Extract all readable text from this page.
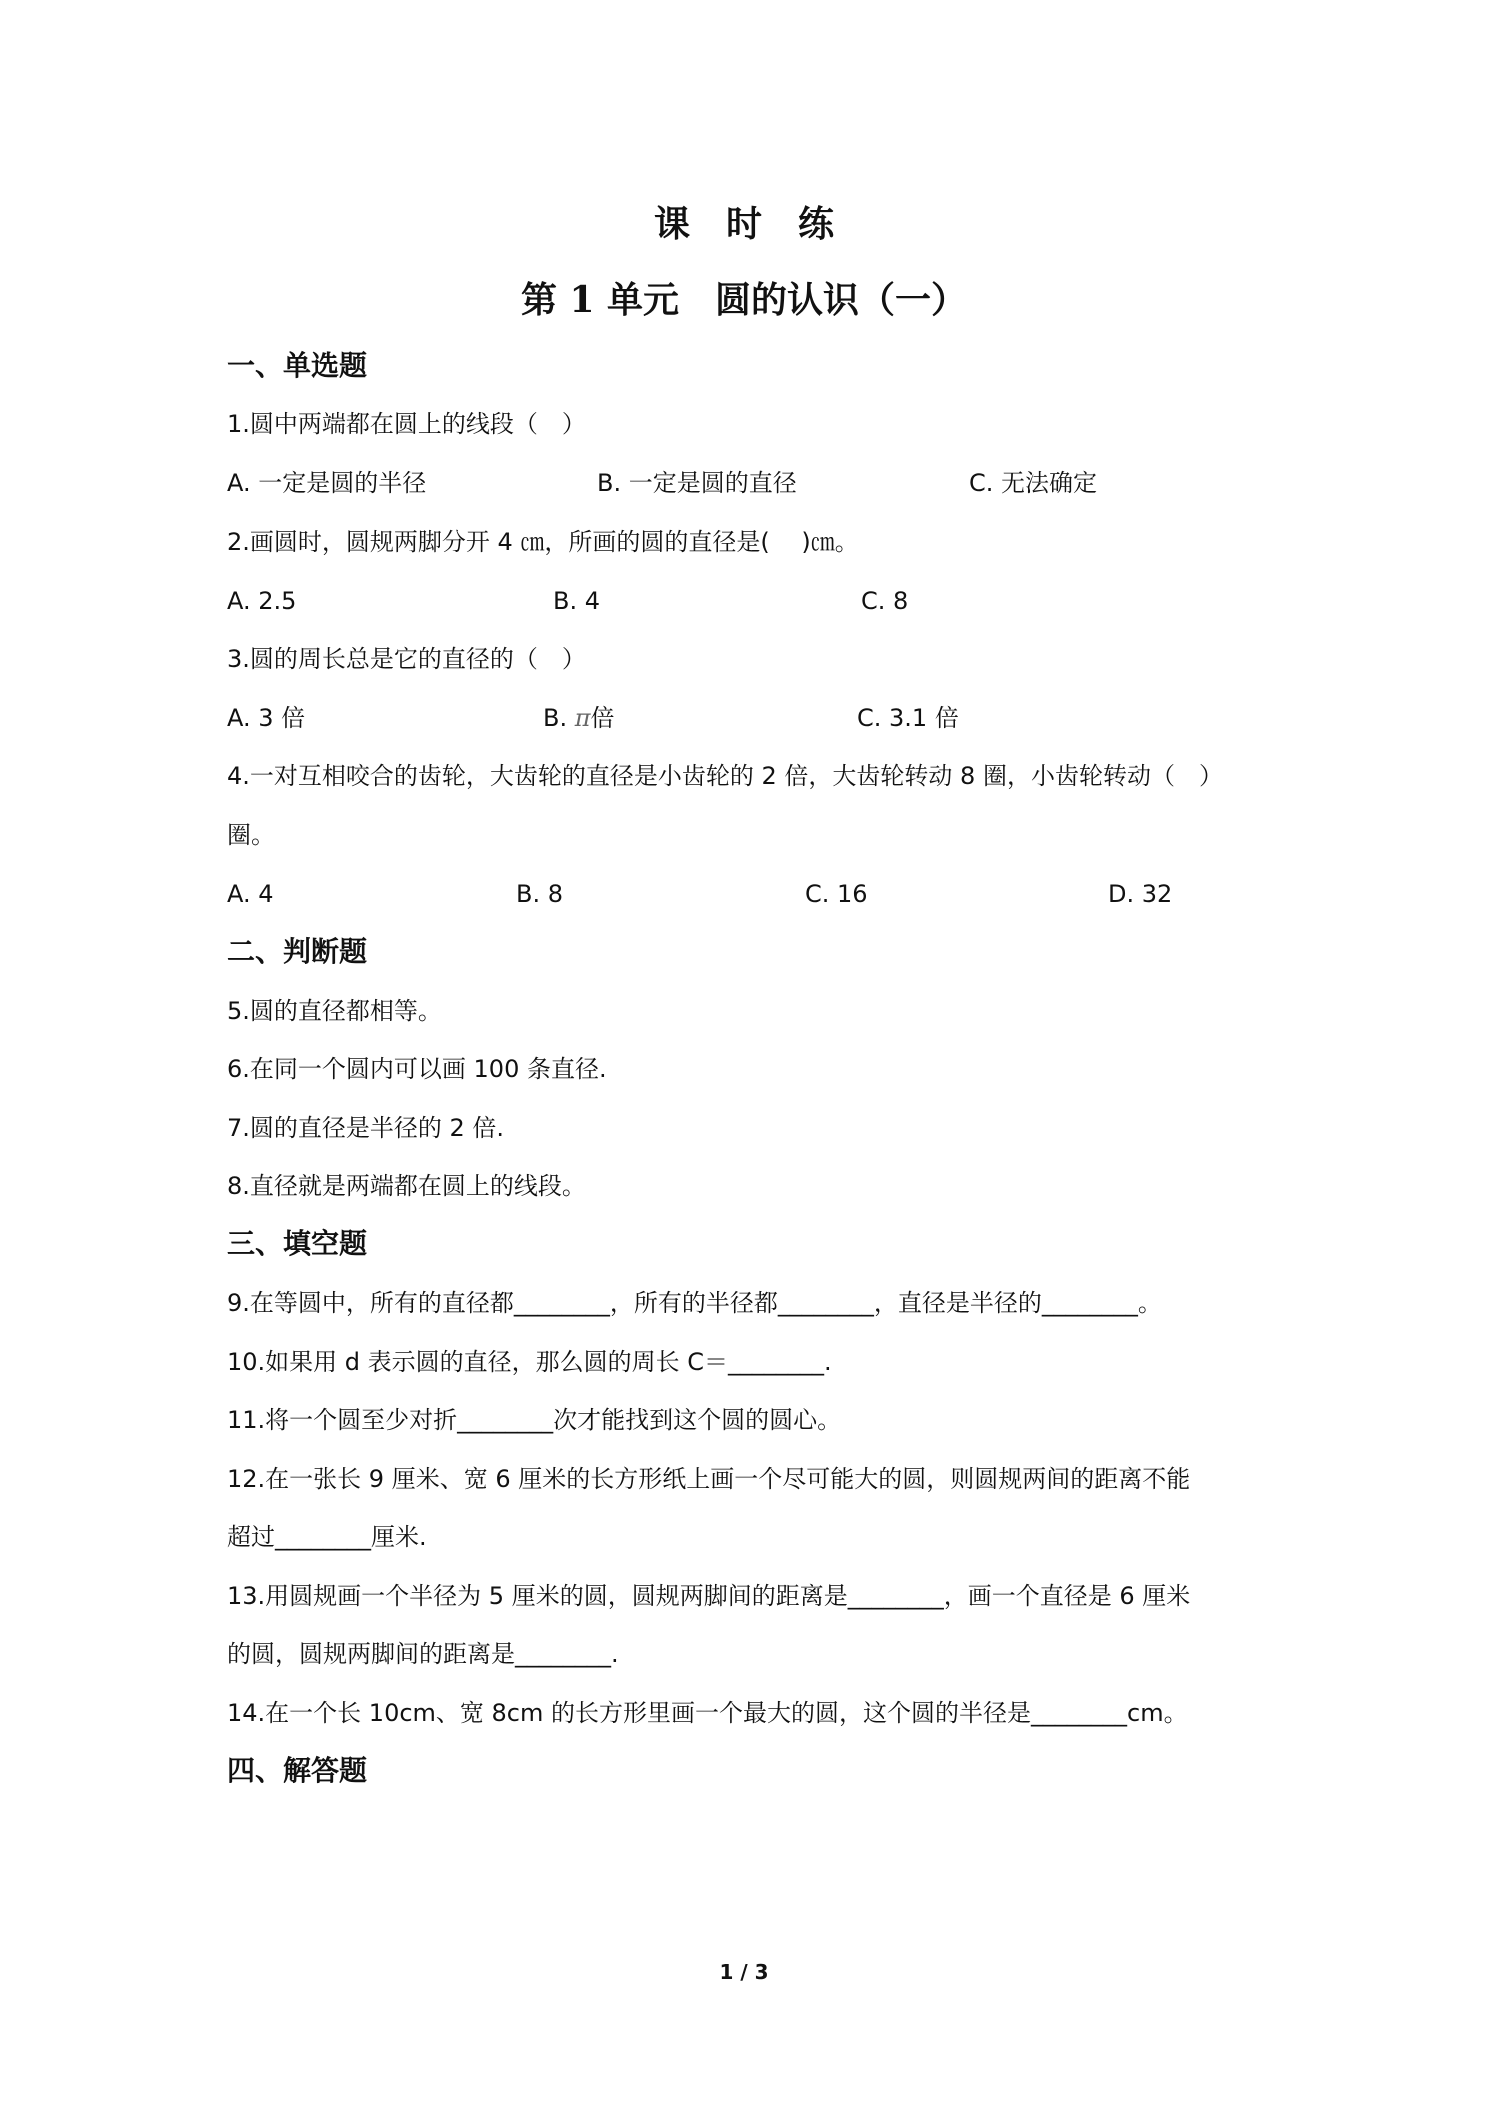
课　时　练
第 1 单元　圆的认识（一）
一、单选题
1.圆中两端都在圆上的线段（　）
A. 一定是圆的半径	B. 一定是圆的直径	C. 无法确定
2.画圆时，圆规两脚分开 4 ㎝，所画的圆的直径是(　 )㎝。
A. 2.5	B. 4	C. 8
3.圆的周长总是它的直径的（　）
A. 3 倍	B. π倍	C. 3.1 倍
4.一对互相咬合的齿轮，大齿轮的直径是小齿轮的 2 倍，大齿轮转动 8 圈，小齿轮转动（　）
圈。
A. 4	B. 8	C. 16	D. 32
二、判断题
5.圆的直径都相等。
6.在同一个圆内可以画 100 条直径.
7.圆的直径是半径的 2 倍.
8.直径就是两端都在圆上的线段。
三、填空题
9.在等圆中，所有的直径都________，所有的半径都________，直径是半径的________。
10.如果用 d 表示圆的直径，那么圆的周长 C＝________.
11.将一个圆至少对折________次才能找到这个圆的圆心。
12.在一张长 9 厘米、宽 6 厘米的长方形纸上画一个尽可能大的圆，则圆规两间的距离不能
超过________厘米.
13.用圆规画一个半径为 5 厘米的圆，圆规两脚间的距离是________，画一个直径是 6 厘米
的圆，圆规两脚间的距离是________.
14.在一个长 10cm、宽 8cm 的长方形里画一个最大的圆，这个圆的半径是________cm。
四、解答题
1 / 3
